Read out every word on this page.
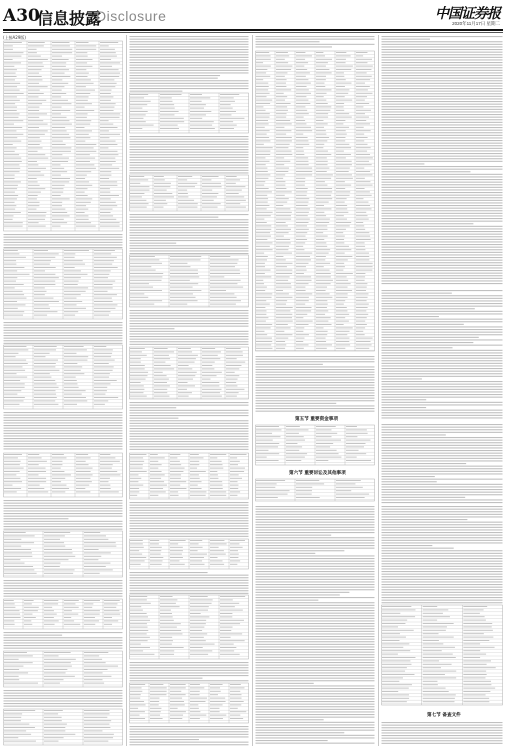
A30
信息披露
Disclosure	中国证券报
2020年11月17日 星期二
(上接A29版)
第五节 重要资金事项
第六节 重要诉讼及其他事项
第七节 备查文件
